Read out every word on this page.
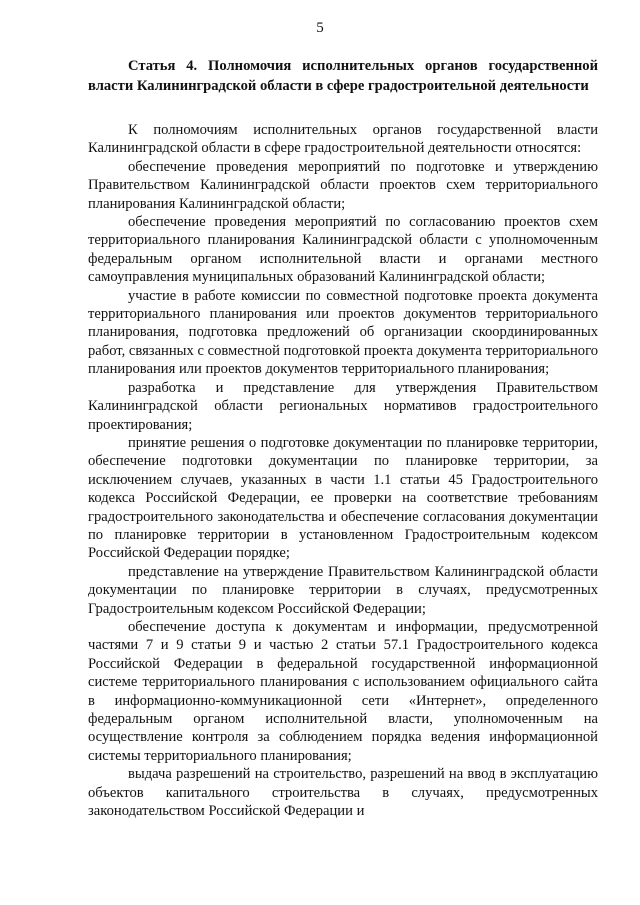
5
Статья 4. Полномочия исполнительных органов государственной власти Калининградской области в сфере градостроительной деятельности

К полномочиям исполнительных органов государственной власти Калининградской области в сфере градостроительной деятельности относятся:

обеспечение проведения мероприятий по подготовке и утверждению Правительством Калининградской области проектов схем территориального планирования Калининградской области;

обеспечение проведения мероприятий по согласованию проектов схем территориального планирования Калининградской области с уполномоченным федеральным органом исполнительной власти и органами местного самоуправления муниципальных образований Калининградской области;

участие в работе комиссии по совместной подготовке проекта документа территориального планирования или проектов документов территориального планирования, подготовка предложений об организации скоординированных работ, связанных с совместной подготовкой проекта документа территориального планирования или проектов документов территориального планирования;

разработка и представление для утверждения Правительством Калининградской области региональных нормативов градостроительного проектирования;

принятие решения о подготовке документации по планировке территории, обеспечение подготовки документации по планировке территории, за исключением случаев, указанных в части 1.1 статьи 45 Градостроительного кодекса Российской Федерации, ее проверки на соответствие требованиям градостроительного законодательства и обеспечение согласования документации по планировке территории в установленном Градостроительным кодексом Российской Федерации порядке;

представление на утверждение Правительством Калининградской области документации по планировке территории в случаях, предусмотренных Градостроительным кодексом Российской Федерации;

обеспечение доступа к документам и информации, предусмотренной частями 7 и 9 статьи 9 и частью 2 статьи 57.1 Градостроительного кодекса Российской Федерации в федеральной государственной информационной системе территориального планирования с использованием официального сайта в информационно-коммуникационной сети «Интернет», определенного федеральным органом исполнительной власти, уполномоченным на осуществление контроля за соблюдением порядка ведения информационной системы территориального планирования;

выдача разрешений на строительство, разрешений на ввод в эксплуатацию объектов капитального строительства в случаях, предусмотренных законодательством Российской Федерации и
